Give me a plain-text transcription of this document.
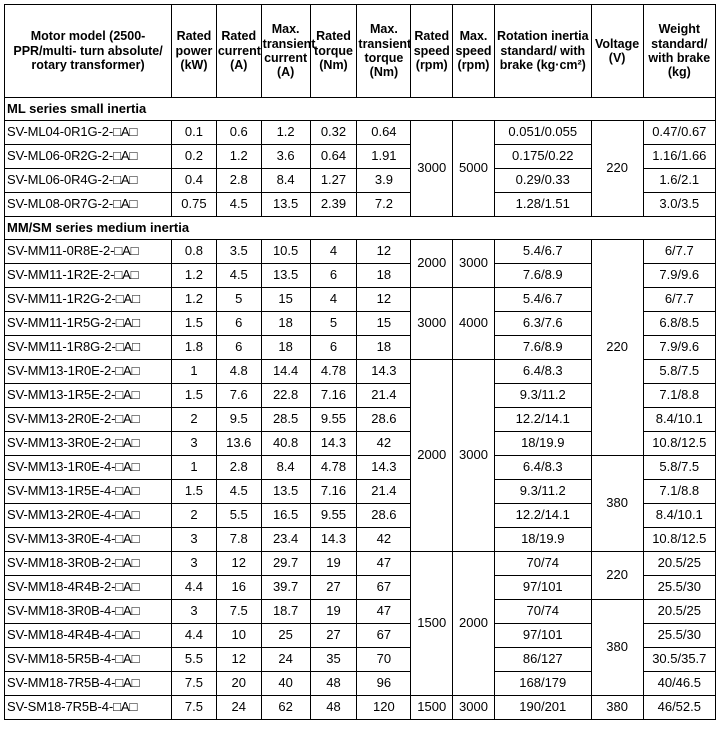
Motor model (2500-PPR/multi- turn absolute/ rotary transformer)	Rated power (kW)	Rated current (A)	Max. transient current (A)	Rated torque (Nm)	Max. transient torque (Nm)	Rated speed (rpm)	Max. speed (rpm)	Rotation inertia standard/ with brake (kg·cm²)	Voltage (V)	Weight standard/ with brake (kg)
ML series small inertia										
SV-ML04-0R1G-2-□A□	0.1	0.6	1.2	0.32	0.64	3000	5000	0.051/0.055	220	0.47/0.67
SV-ML06-0R2G-2-□A□	0.2	1.2	3.6	0.64	1.91			0.175/0.22		1.16/1.66
SV-ML06-0R4G-2-□A□	0.4	2.8	8.4	1.27	3.9			0.29/0.33		1.6/2.1
SV-ML08-0R7G-2-□A□	0.75	4.5	13.5	2.39	7.2			1.28/1.51		3.0/3.5
MM/SM series medium inertia										
SV-MM11-0R8E-2-□A□	0.8	3.5	10.5	4	12	2000	3000	5.4/6.7	220	6/7.7
SV-MM11-1R2E-2-□A□	1.2	4.5	13.5	6	18			7.6/8.9		7.9/9.6
SV-MM11-1R2G-2-□A□	1.2	5	15	4	12	3000	4000	5.4/6.7		6/7.7
SV-MM11-1R5G-2-□A□	1.5	6	18	5	15			6.3/7.6		6.8/8.5
SV-MM11-1R8G-2-□A□	1.8	6	18	6	18			7.6/8.9		7.9/9.6
SV-MM13-1R0E-2-□A□	1	4.8	14.4	4.78	14.3	2000	3000	6.4/8.3		5.8/7.5
SV-MM13-1R5E-2-□A□	1.5	7.6	22.8	7.16	21.4			9.3/11.2		7.1/8.8
SV-MM13-2R0E-2-□A□	2	9.5	28.5	9.55	28.6			12.2/14.1		8.4/10.1
SV-MM13-3R0E-2-□A□	3	13.6	40.8	14.3	42			18/19.9		10.8/12.5
SV-MM13-1R0E-4-□A□	1	2.8	8.4	4.78	14.3			6.4/8.3	380	5.8/7.5
SV-MM13-1R5E-4-□A□	1.5	4.5	13.5	7.16	21.4			9.3/11.2		7.1/8.8
SV-MM13-2R0E-4-□A□	2	5.5	16.5	9.55	28.6			12.2/14.1		8.4/10.1
SV-MM13-3R0E-4-□A□	3	7.8	23.4	14.3	42			18/19.9		10.8/12.5
SV-MM18-3R0B-2-□A□	3	12	29.7	19	47	1500	2000	70/74	220	20.5/25
SV-MM18-4R4B-2-□A□	4.4	16	39.7	27	67			97/101		25.5/30
SV-MM18-3R0B-4-□A□	3	7.5	18.7	19	47			70/74	380	20.5/25
SV-MM18-4R4B-4-□A□	4.4	10	25	27	67			97/101		25.5/30
SV-MM18-5R5B-4-□A□	5.5	12	24	35	70			86/127		30.5/35.7
SV-MM18-7R5B-4-□A□	7.5	20	40	48	96			168/179		40/46.5
SV-SM18-7R5B-4-□A□	7.5	24	62	48	120	1500	3000	190/201	380	46/52.5
